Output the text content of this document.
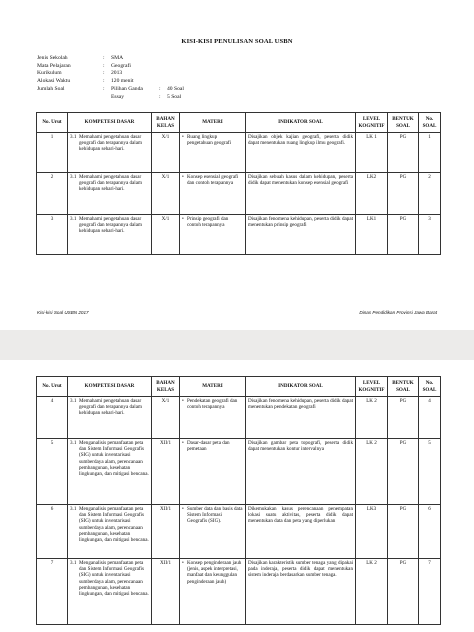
KISI-KISI PENULISAN SOAL USBN
Jenis Sekolah	:	SMA
Mata Pelajaran	:	Geografi
Kurikulum	:	2013
Alokasi Waktu	:	120 menit
Jumlah Soal	:	Pilihan Ganda	:	40 Soal
Essay	:	5 Soal
No. Urut	KOMPETESI DASAR	BAHAN KELAS	MATERI	INDIKATOR SOAL	LEVEL KOGNITIF	BENTUK SOAL	No. SOAL
1	3.1 Memahami pengetahuan dasar geografi dan terapannya dalam kehidupan sehari-hari.	X/1	• Ruang lingkup pengetahuan geografi	Disajikan objek kajian geografi, peserta didik dapat menentukan ruang lingkup ilmu geografi.	LK 1	PG	1
2	3.1 Memahami pengetahuan dasar geografi dan terapannya dalam kehidupan sehari-hari.	X/1	• Konsep esensial geografi dan contoh terapannya	Disajikan sebuah kasus dalam kehidupan, peserta didik dapat menentukan konsep esensial geografi	LK2	PG	2
3	3.1 Memahami pengetahuan dasar geografi dan terapannya dalam kehidupan sehari-hari.	X/1	• Prinsip geografi dan contoh terapannya	Disajikan fenomena kehidupan, peserta didik dapat menentukan prinsip geografi	LK1	PG	3
Kisi-kisi Soal USBN 2017	Dinas Pendidikan Provinsi Jawa Barat
No. Urut	KOMPETESI DASAR	BAHAN KELAS	MATERI	INDIKATOR SOAL	LEVEL KOGNITIF	BENTUK SOAL	No. SOAL
4	3.1 Memahami pengetahuan dasar geografi dan terapannya dalam kehidupan sehari-hari.	X/1	• Pendekatan geografi dan contoh terapannya	Disajikan fenomena kehidupan, peserta didik dapat menentukan pendekatan geografi	LK 2	PG	4
5	3.1 Menganalisis pemanfaatan peta dan Sistem Informasi Geografis (SIG) untuk inventarisasi sumberdaya alam, perencanaan pembangunan, kesehatan lingkungan, dan mitigasi bencana.	XII/1	• Dasar-dasar peta dan pemetaan	Disajikan gambar peta topografi, peserta didik dapat menentukan kontur intervalnya	LK 2	PG	5
6	3.1 Menganalisis pemanfaatan peta dan Sistem Informasi Geografis (SIG) untuk inventarisasi sumberdaya alam, perencanaan pembangunan, kesehatan lingkungan, dan mitigasi bencana.	XII/1	• Sumber data dan basis data Sistem Informasi Geografis (SIG).	Dikemukakan kasus perencanaan penempatan lokasi suatu aktivitas, peserta didik dapat menentukan data dan peta yang diperlukan	LK3	PG	6
7	3.1 Menganalisis pemanfaatan peta dan Sistem Informasi Geografis (SIG) untuk inventarisasi sumberdaya alam, perencanaan pembangunan, kesehatan lingkungan, dan mitigasi bencana.	XII/1	• Konsep penginderaan jauh (jenis, aspek interpretasi, manfaat dan keunggulan penginderaan jauh)	Disajikan karakteristik sumber tenaga yang dipakai pada inderaja, peserta didik dapat menentukan sistem inderaja berdasarkan sumber tenaga.	LK 2	PG	7
